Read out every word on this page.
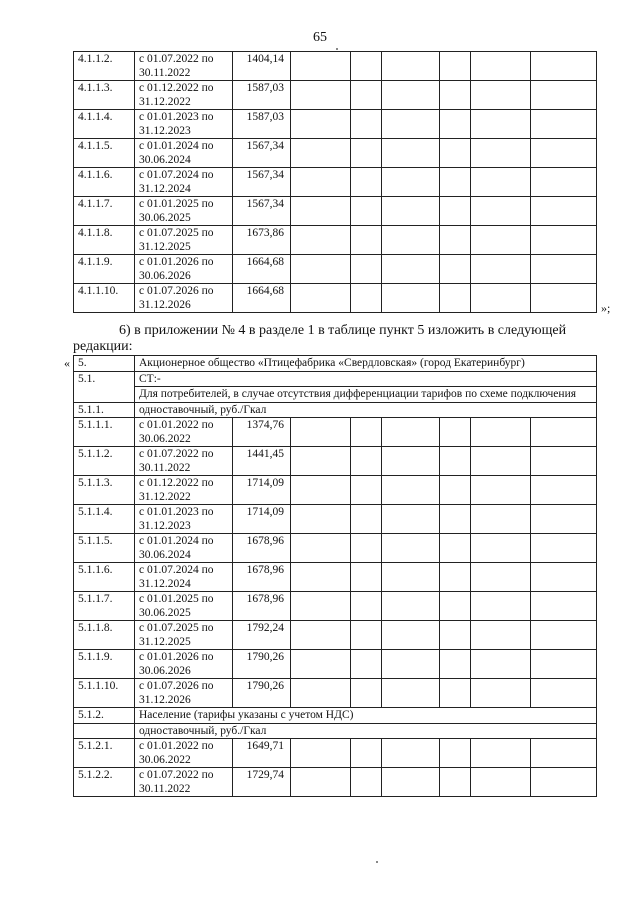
65
4.1.1.2.	с 01.07.2022 по
30.11.2022	1404,14						
4.1.1.3.	с 01.12.2022 по
31.12.2022	1587,03						
4.1.1.4.	с 01.01.2023 по
31.12.2023	1587,03						
4.1.1.5.	с 01.01.2024 по
30.06.2024	1567,34						
4.1.1.6.	с 01.07.2024 по
31.12.2024	1567,34						
4.1.1.7.	с 01.01.2025 по
30.06.2025	1567,34						
4.1.1.8.	с 01.07.2025 по
31.12.2025	1673,86						
4.1.1.9.	с 01.01.2026 по
30.06.2026	1664,68						
4.1.1.10.	с 01.07.2026 по
31.12.2026	1664,68						
»;
6) в приложении № 4 в разделе 1 в таблице пункт 5 изложить в следующей редакции:
« 5.	Акционерное общество «Птицефабрика «Свердловская» (город Екатеринбург)							
5.1.	СТ:-							
	Для потребителей, в случае отсутствия дифференциации тарифов по схеме подключения							
5.1.1.	одноставочный, руб./Гкал							
5.1.1.1.	с 01.01.2022 по
30.06.2022	1374,76						
5.1.1.2.	с 01.07.2022 по
30.11.2022	1441,45						
5.1.1.3.	с 01.12.2022 по
31.12.2022	1714,09						
5.1.1.4.	с 01.01.2023 по
31.12.2023	1714,09						
5.1.1.5.	с 01.01.2024 по
30.06.2024	1678,96						
5.1.1.6.	с 01.07.2024 по
31.12.2024	1678,96						
5.1.1.7.	с 01.01.2025 по
30.06.2025	1678,96						
5.1.1.8.	с 01.07.2025 по
31.12.2025	1792,24						
5.1.1.9.	с 01.01.2026 по
30.06.2026	1790,26						
5.1.1.10.	с 01.07.2026 по
31.12.2026	1790,26						
5.1.2.	Население (тарифы указаны с учетом НДС)							
	одноставочный, руб./Гкал							
5.1.2.1.	с 01.01.2022 по
30.06.2022	1649,71						
5.1.2.2.	с 01.07.2022 по
30.11.2022	1729,74						
